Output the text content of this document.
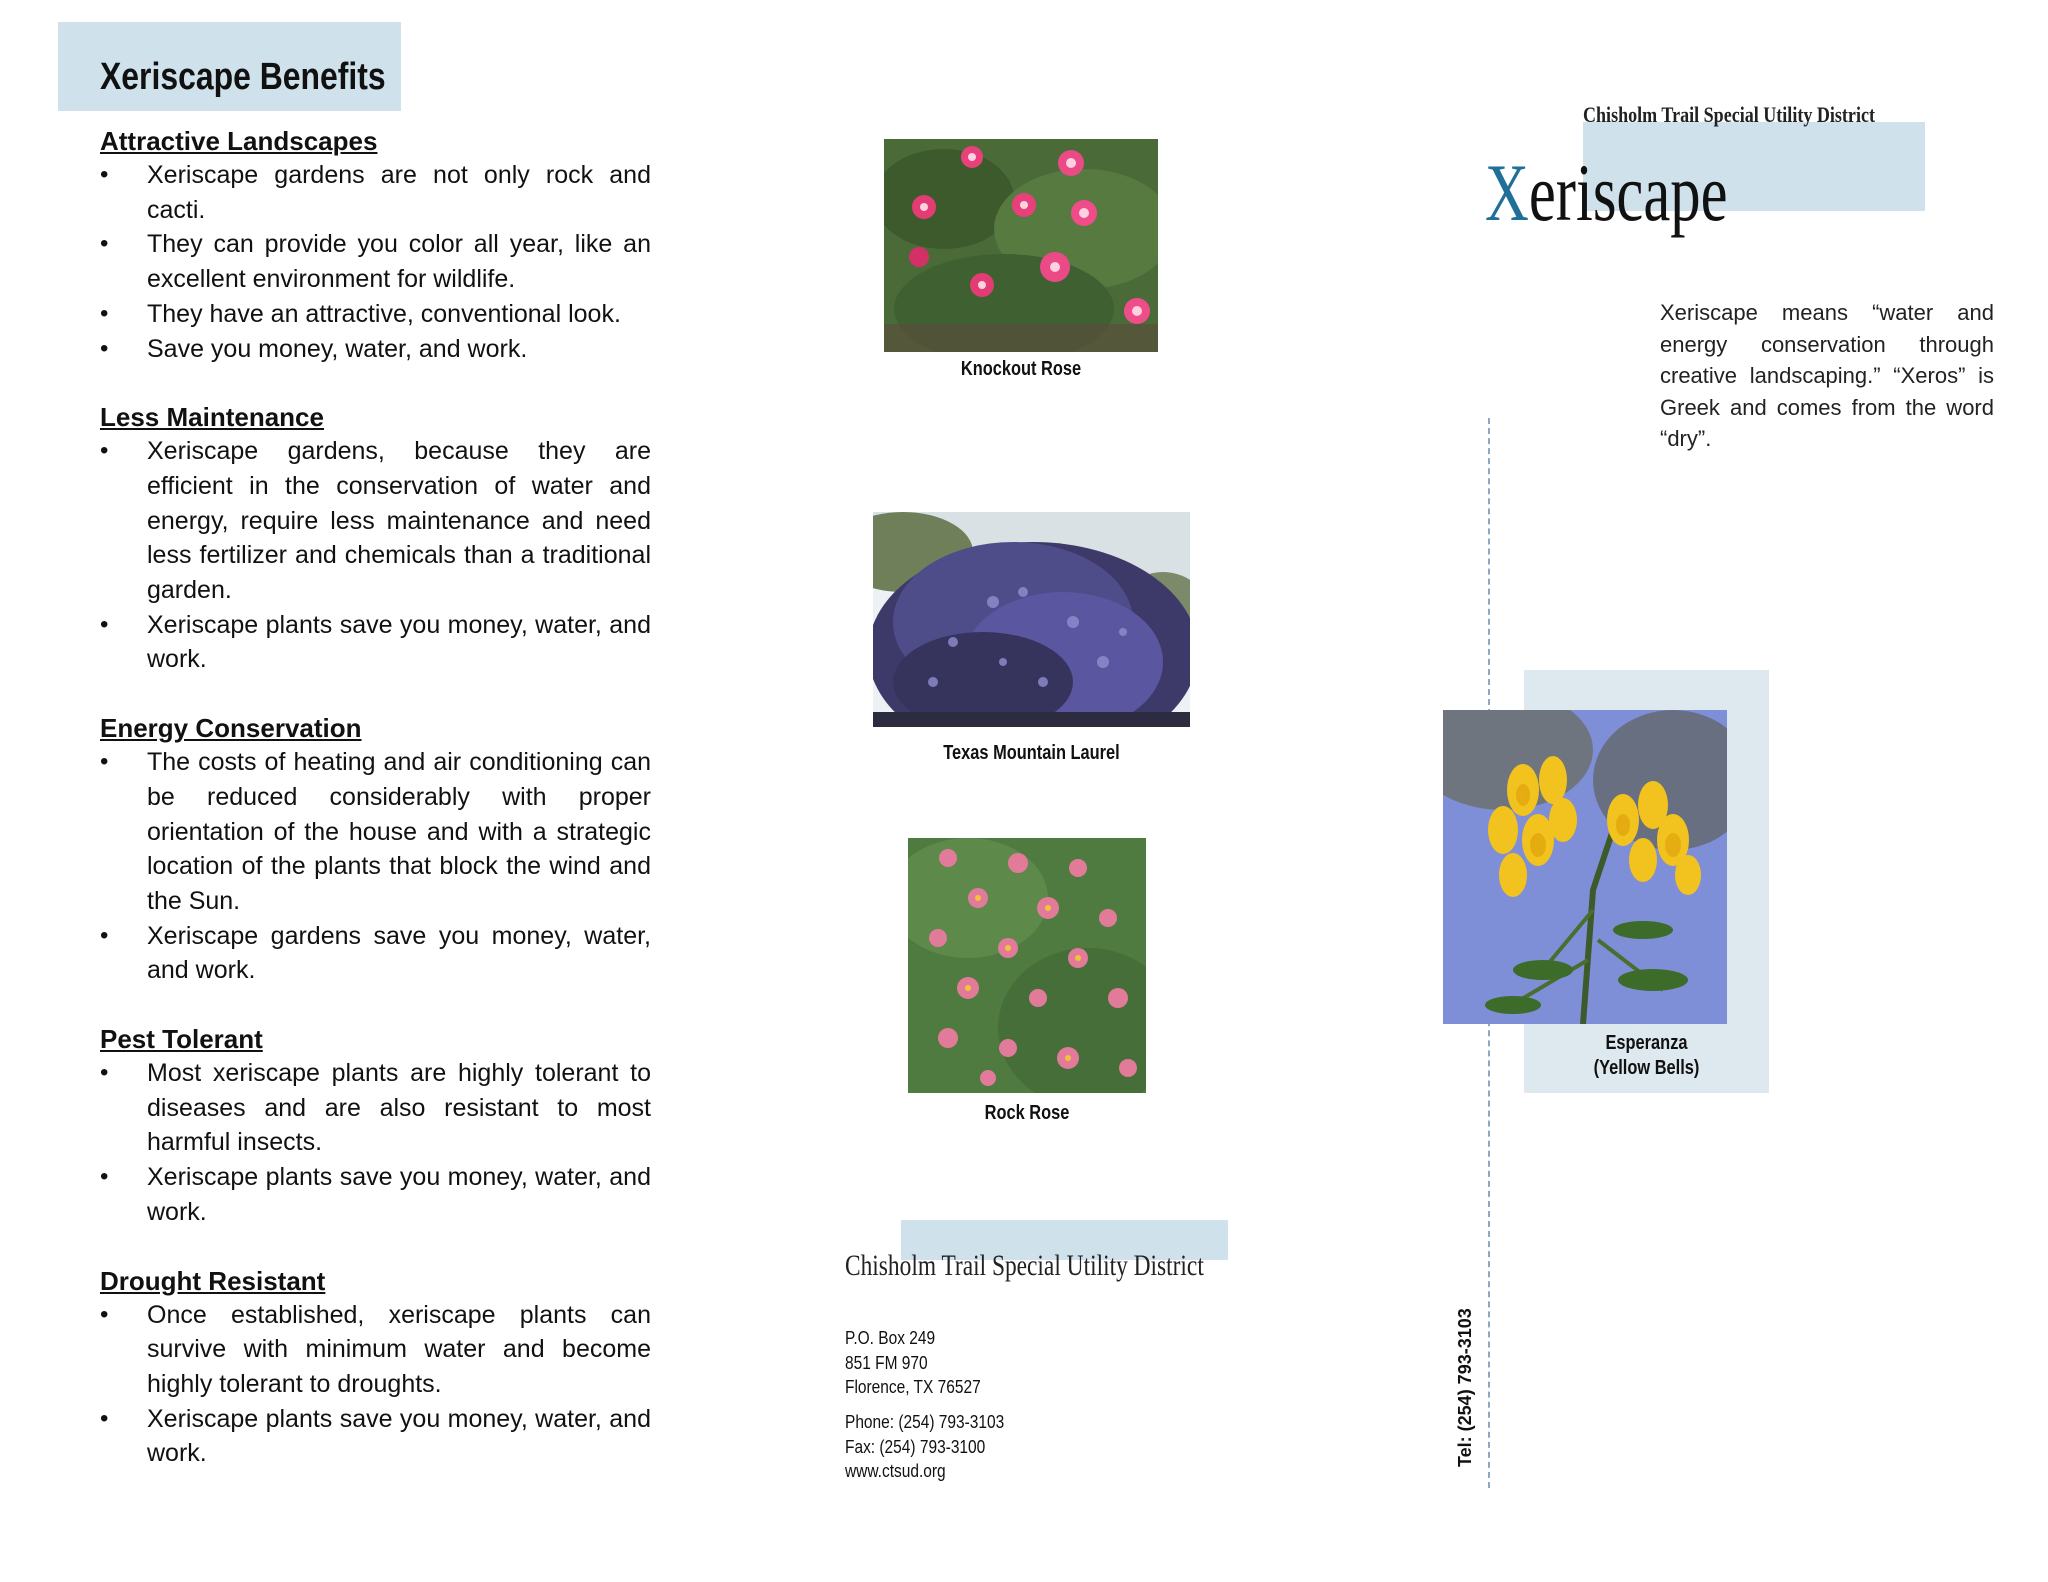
Xeriscape Benefits

Attractive Landscapes

• Xeriscape gardens are not only rock and cacti.
• They can provide you color all year, like an excellent environment for wildlife.
• They have an attractive, conventional look.
• Save you money, water, and work.

Less Maintenance

• Xeriscape gardens, because they are efficient in the conservation of water and energy, require less maintenance and need less fertilizer and chemicals than a traditional garden.
• Xeriscape plants save you money, water, and work.

Energy Conservation

• The costs of heating and air conditioning can be reduced considerably with proper orientation of the house and with a strategic location of the plants that block the wind and the Sun.
• Xeriscape gardens save you money, water, and work.

Pest Tolerant

• Most xeriscape plants are highly tolerant to diseases and are also resistant to most harmful insects.
• Xeriscape plants save you money, water, and work.

Drought Resistant

• Once established, xeriscape plants can survive with minimum water and become highly tolerant to droughts.
• Xeriscape plants save you money, water, and work.
Knockout Rose
Texas Mountain Laurel
Rock Rose
Chisholm Trail Special Utility District
P.O. Box 249
851 FM 970
Florence, TX 76527
Phone: (254) 793-3103
Fax: (254) 793-3100
www.ctsud.org
Tel: (254) 793-3103
Chisholm Trail Special Utility District
Xeriscape
Xeriscape means “water and energy conservation through creative landscaping.” “Xeros” is Greek and comes from the word “dry”.
Esperanza
(Yellow Bells)
